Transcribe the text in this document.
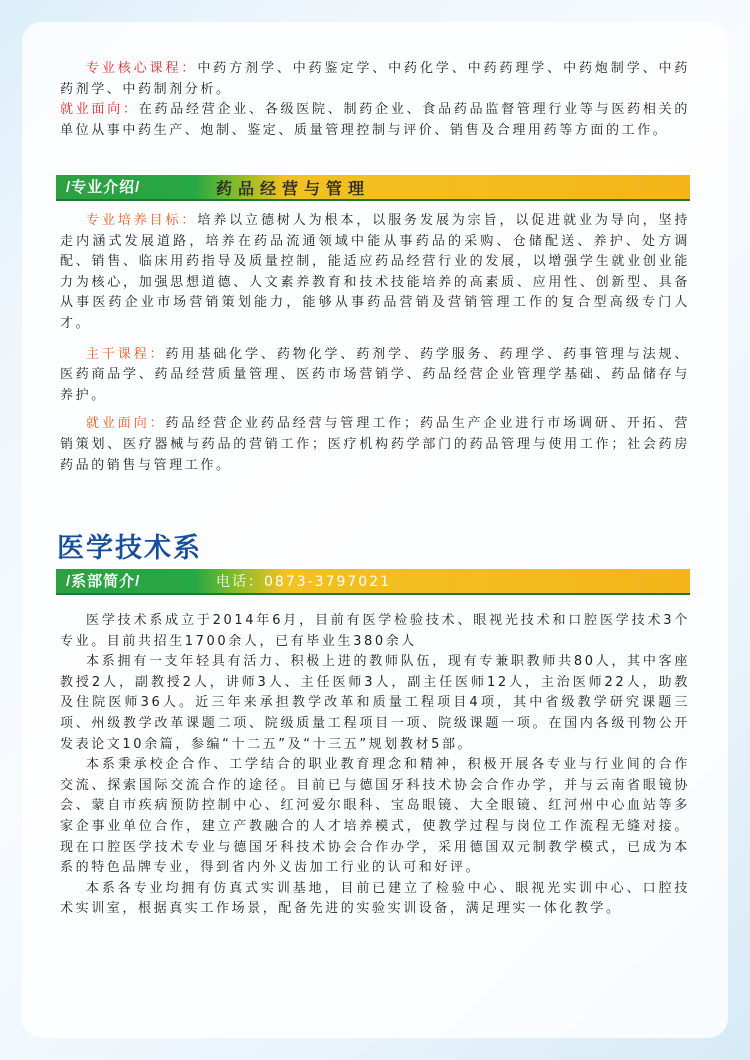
专业核心课程：中药方剂学、中药鉴定学、中药化学、中药药理学、中药炮制学、中药药剂学、中药制剂分析。

就业面向：在药品经营企业、各级医院、制药企业、食品药品监督管理行业等与医药相关的单位从事中药生产、炮制、鉴定、质量管理控制与评价、销售及合理用药等方面的工作。

/专业介绍/	药品经营与管理

专业培养目标：培养以立德树人为根本，以服务发展为宗旨，以促进就业为导向，坚持走内涵式发展道路，培养在药品流通领域中能从事药品的采购、仓储配送、养护、处方调配、销售、临床用药指导及质量控制，能适应药品经营行业的发展，以增强学生就业创业能力为核心，加强思想道德、人文素养教育和技术技能培养的高素质、应用性、创新型、具备从事医药企业市场营销策划能力，能够从事药品营销及营销管理工作的复合型高级专门人才。

主干课程：药用基础化学、药物化学、药剂学、药学服务、药理学、药事管理与法规、医药商品学、药品经营质量管理、医药市场营销学、药品经营企业管理学基础、药品储存与养护。

就业面向：药品经营企业药品经营与管理工作；药品生产企业进行市场调研、开拓、营销策划、医疗器械与药品的营销工作；医疗机构药学部门的药品管理与使用工作；社会药房药品的销售与管理工作。

医学技术系
/系部简介/	电话：0873-3797021

医学技术系成立于2014年6月，目前有医学检验技术、眼视光技术和口腔医学技术3个专业。目前共招生1700余人，已有毕业生380余人

本系拥有一支年轻具有活力、积极上进的教师队伍，现有专兼职教师共80人，其中客座教授2人，副教授2人，讲师3人、主任医师3人，副主任医师12人，主治医师22人，助教及住院医师36人。近三年来承担教学改革和质量工程项目4项，其中省级教学研究课题三项、州级教学改革课题二项、院级质量工程项目一项、院级课题一项。在国内各级刊物公开发表论文10余篇，参编“十二五”及“十三五”规划教材5部。

本系秉承校企合作、工学结合的职业教育理念和精神，积极开展各专业与行业间的合作交流、探索国际交流合作的途径。目前已与德国牙科技术协会合作办学，并与云南省眼镜协会、蒙自市疾病预防控制中心、红河爱尔眼科、宝岛眼镜、大全眼镜、红河州中心血站等多家企事业单位合作，建立产教融合的人才培养模式，使教学过程与岗位工作流程无缝对接。现在口腔医学技术专业与德国牙科技术协会合作办学，采用德国双元制教学模式，已成为本系的特色品牌专业，得到省内外义齿加工行业的认可和好评。

本系各专业均拥有仿真式实训基地，目前已建立了检验中心、眼视光实训中心、口腔技术实训室，根据真实工作场景，配备先进的实验实训设备，满足理实一体化教学。
